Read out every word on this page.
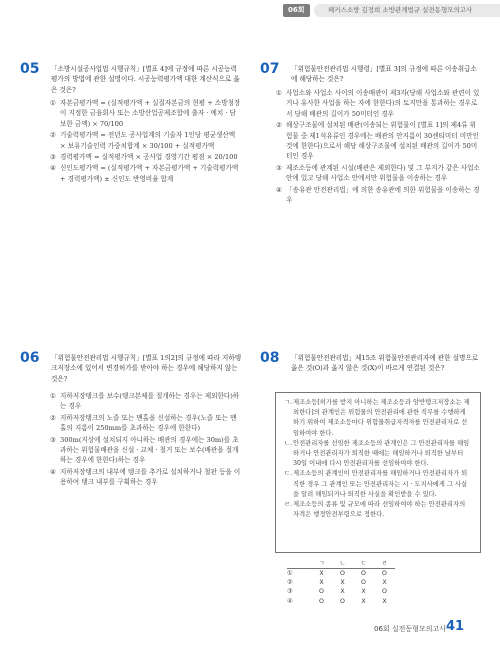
06회	해커스소방 김정희 소방관계법규 실전동형모의고사
05 「소방시설공사업법 시행규칙」[별표 4]에 규정에 따른 시공능력 평가의 방법에 관한 설명이다. 시공능력평가액 대한 계산식으로 옳은 것은?
① 자본금평가액 = (실적평가액 + 실질자본금의 현평 + 소방청장이 지정한 금융회사 또는 소방산업공제조합에 출자 · 예치 · 담보한 금액) × 70/100
② 기술력평가액 = 전년도 공사업계의 기술자 1인당 평균생산액 × 보유기술인력 가중치합계 × 30/100 + 실적평가액
③ 경력평가액 = 실적평가액 × 공사업 경영기간 평점 × 20/100
④ 신인도평가액 = (실적평가액 + 자본금평가액 + 기술력평가액 + 경력평가액) ± 신인도 반영비율 합계
07 「위험물안전관리법 시행령」[별표 3]의 규정에 따른 이송취급소에 해당하는 것은?
① 사업소와 사업소 사이의 이송배관이 제3자(당해 사업소와 관련이 있거나 유사한 사업을 하는 자에 한한다)의 토지만을 통과하는 경우로서 당해 배관의 길이가 50미터인 경우
② 해상구조물에 설치된 배관(이송되는 위험물이 [별표 1]의 제4류 위험물 중 제1석유류인 경우에는 배관의 안지름이 30센티미터 미만인 것에 한한다)으로서 해당 해상구조물에 설치된 배관의 길이가 50미터인 경우
③ 제조소등에 관계된 시설(배관은 제외한다) 및 그 부지가 같은 사업소 안에 있고 당해 사업소 안에서만 위험물을 이송하는 경우
④ 「송유관 안전관리법」에 의한 송유관에 의한 위험물을 이송하는 경우
06 「위험물안전관리법 시행규칙」[별표 1의2]의 규정에 따라 지하탱크저장소에 있어서 변경허가를 받아야 하는 경우에 해당하지 않는 것은?
① 지하저장탱크를 보수(탱크본체를 절개하는 경우는 제외한다)하는 경우
② 지하저장탱크의 노즐 또는 맨홀을 신설하는 경우(노즐 또는 맨홀의 지름이 250mm를 초과하는 경우에 한한다)
③ 300m(지상에 설치되지 아니하는 배관의 경우에는 30m)를 초과하는 위험물배관을 신설 · 교체 · 철거 또는 보수(배관을 절개하는 경우에 한한다)하는 경우
④ 지하저장탱크의 내부에 탱크를 추가로 설치하거나 철판 등을 이용하여 탱크 내부를 구획하는 경우
08 「위험물안전관리법」제15조 위험물안전관리자에 관한 설명으로 옳은 것(O)과 옳지 않은 것(X)이 바르게 연결된 것은?
ㄱ. 제조소등[허가를 받지 아니하는 제조소등과 암반탱크저장소는 제외한다]의 관계인은 위험물의 안전관리에 관한 직무를 수행하게 하기 위하여 제조소등마다 위험물취급자격자를 안전관리자로 선임하여야 한다.
ㄴ. 안전관리자를 선임한 제조소등의 관계인은 그 안전관리자를 해임하거나 안전관리자가 퇴직한 때에는 해임하거나 퇴직한 날부터 30일 이내에 다시 안전관리자를 선임하여야 한다.
ㄷ. 제조소등의 관계인이 안전관리자를 해임하거나 안전관리자가 퇴직한 경우 그 관계인 또는 안전관리자는 시 · 도지사에게 그 사실을 알려 해임되거나 퇴직한 사실을 확인받을 수 있다.
ㄹ. 제조소등의 종류 및 규모에 따라 선임하여야 하는 안전관리자의 자격은 행정안전부령으로 정한다.
	ㄱ	ㄴ	ㄷ	ㄹ
①	X	O	O	O
②	X	X	O	X
③	O	X	X	O
④	O	O	X	X
06회 실전동형모의고사 41
